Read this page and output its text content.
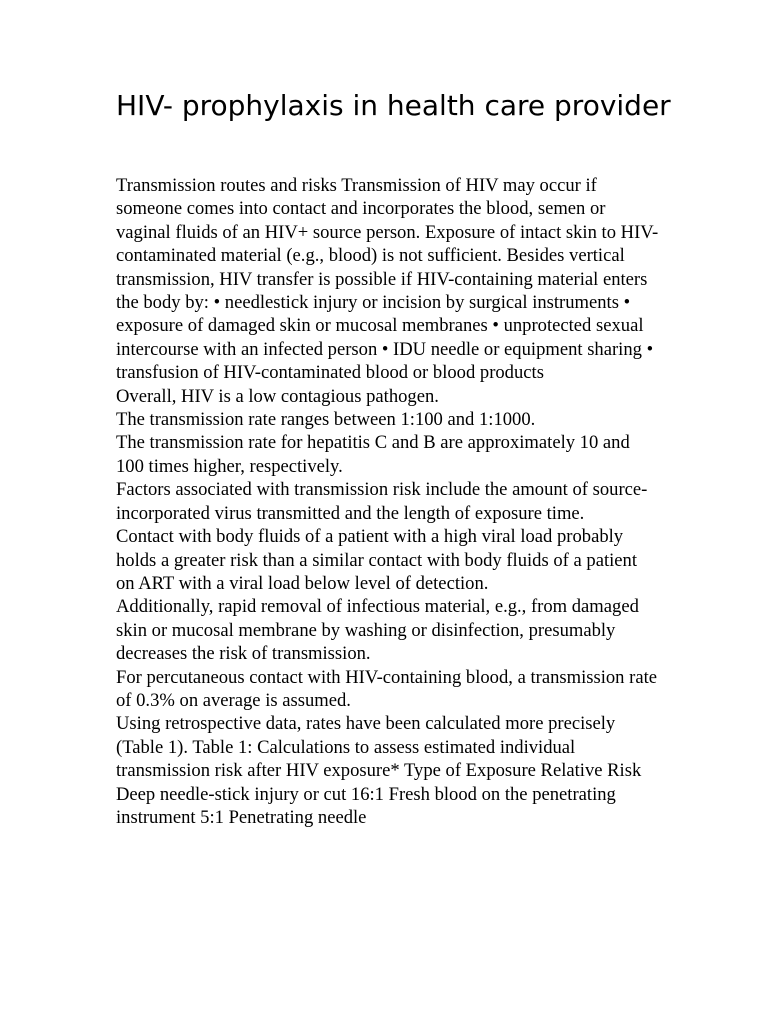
HIV- prophylaxis in health care provider

Transmission routes and risks Transmission of HIV may occur if someone comes into contact and incorporates the blood, semen or vaginal fluids of an HIV+ source person. Exposure of intact skin to HIV-contaminated material (e.g., blood) is not sufficient. Besides vertical transmission, HIV transfer is possible if HIV-containing material enters the body by: • needlestick injury or incision by surgical instruments • exposure of damaged skin or mucosal membranes • unprotected sexual intercourse with an infected person • IDU needle or equipment sharing • transfusion of HIV-contaminated blood or blood products

Overall, HIV is a low contagious pathogen.

The transmission rate ranges between 1:100 and 1:1000.

The transmission rate for hepatitis C and B are approximately 10 and 100 times higher, respectively.

Factors associated with transmission risk include the amount of source-incorporated virus transmitted and the length of exposure time.

Contact with body fluids of a patient with a high viral load probably holds a greater risk than a similar contact with body fluids of a patient on ART with a viral load below level of detection.

Additionally, rapid removal of infectious material, e.g., from damaged skin or mucosal membrane by washing or disinfection, presumably decreases the risk of transmission.

For percutaneous contact with HIV-containing blood, a transmission rate of 0.3% on average is assumed.

Using retrospective data, rates have been calculated more precisely (Table 1). Table 1: Calculations to assess estimated individual transmission risk after HIV exposure* Type of Exposure Relative Risk Deep needle-stick injury or cut 16:1 Fresh blood on the penetrating instrument 5:1 Penetrating needle
